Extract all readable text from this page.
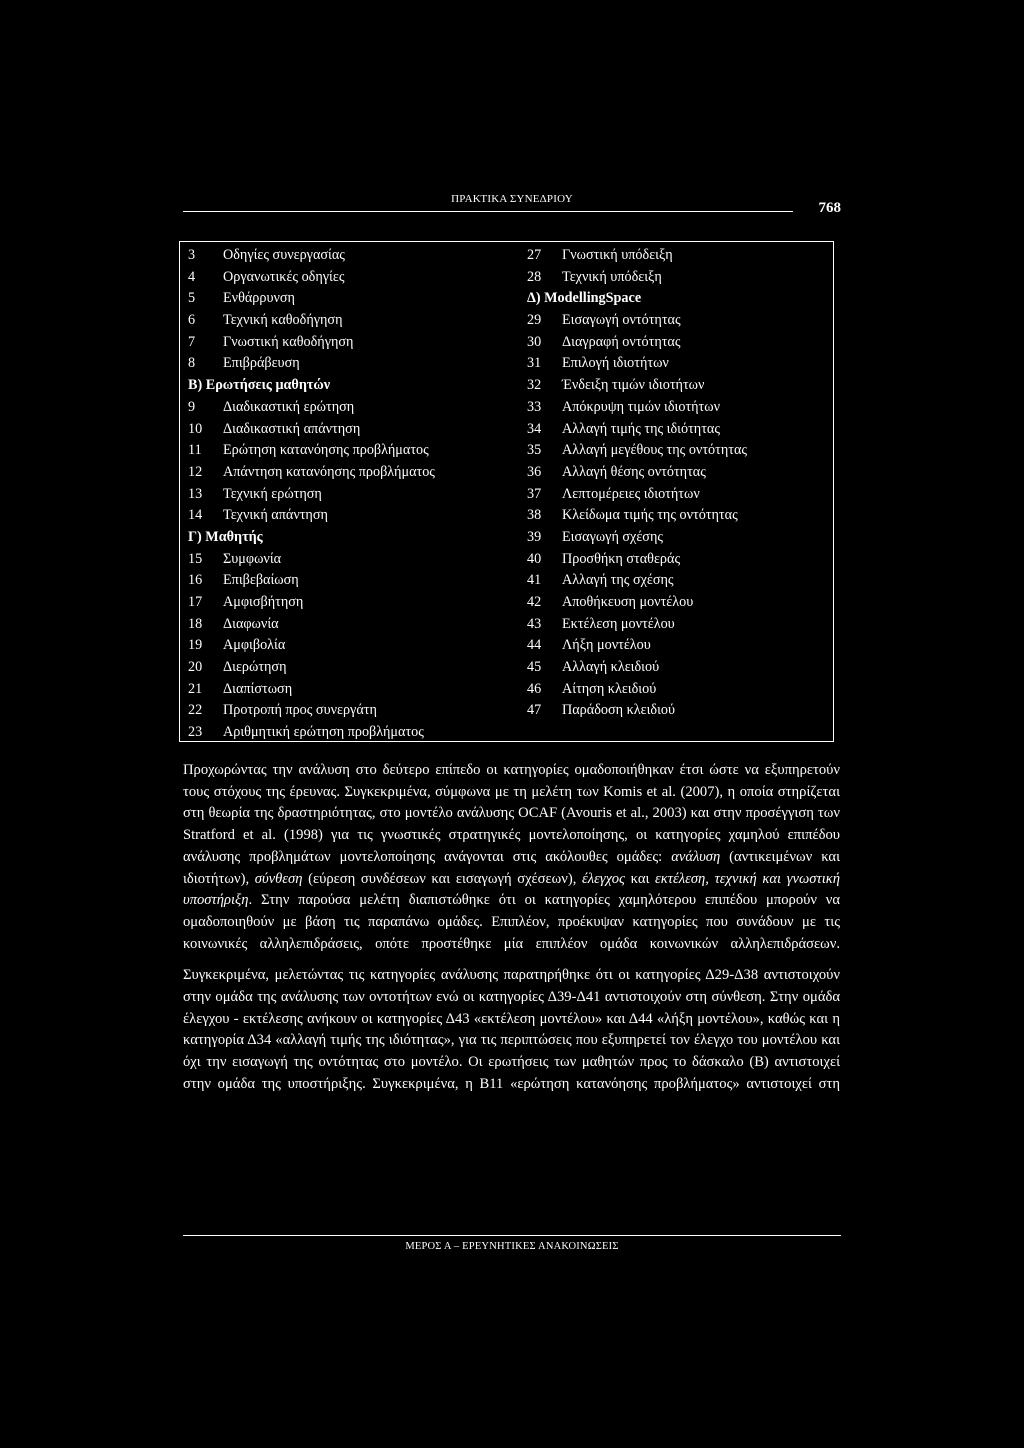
ΠΡΑΚΤΙΚΑ ΣΥΝΕΔΡΙΟΥ
768
3	Οδηγίες συνεργασίας
4	Οργανωτικές οδηγίες
5	Ενθάρρυνση
6	Τεχνική καθοδήγηση
7	Γνωστική καθοδήγηση
8	Επιβράβευση
Β) Ερωτήσεις μαθητών
9	Διαδικαστική ερώτηση
10	Διαδικαστική απάντηση
11	Ερώτηση κατανόησης προβλήματος
12	Απάντηση κατανόησης προβλήματος
13	Τεχνική ερώτηση
14	Τεχνική απάντηση
Γ) Μαθητής
15	Συμφωνία
16	Επιβεβαίωση
17	Αμφισβήτηση
18	Διαφωνία
19	Αμφιβολία
20	Διερώτηση
21	Διαπίστωση
22	Προτροπή προς συνεργάτη
23	Αριθμητική ερώτηση προβλήματος
27	Γνωστική υπόδειξη
28	Τεχνική υπόδειξη
Δ) ModellingSpace
29	Εισαγωγή οντότητας
30	Διαγραφή οντότητας
31	Επιλογή ιδιοτήτων
32	Ένδειξη τιμών ιδιοτήτων
33	Απόκρυψη τιμών ιδιοτήτων
34	Αλλαγή τιμής της ιδιότητας
35	Αλλαγή μεγέθους της οντότητας
36	Αλλαγή θέσης οντότητας
37	Λεπτομέρειες ιδιοτήτων
38	Κλείδωμα τιμής της οντότητας
39	Εισαγωγή σχέσης
40	Προσθήκη σταθεράς
41	Αλλαγή της σχέσης
42	Αποθήκευση μοντέλου
43	Εκτέλεση μοντέλου
44	Λήξη μοντέλου
45	Αλλαγή κλειδιού
46	Αίτηση κλειδιού
47	Παράδοση κλειδιού

Προχωρώντας την ανάλυση στο δεύτερο επίπεδο οι κατηγορίες ομαδοποιήθηκαν έτσι ώστε να εξυπηρετούν τους στόχους της έρευνας. Συγκεκριμένα, σύμφωνα με τη μελέτη των Komis et al. (2007), η οποία στηρίζεται στη θεωρία της δραστηριότητας, στο μοντέλο ανάλυσης OCAF (Avouris et al., 2003) και στην προσέγγιση των Stratford et al. (1998) για τις γνωστικές στρατηγικές μοντελοποίησης, οι κατηγορίες χαμηλού επιπέδου ανάλυσης προβλημάτων μοντελοποίησης ανάγονται στις ακόλουθες ομάδες: ανάλυση (αντικειμένων και ιδιοτήτων), σύνθεση (εύρεση συνδέσεων και εισαγωγή σχέσεων), έλεγχος και εκτέλεση, τεχνική και γνωστική υποστήριξη. Στην παρούσα μελέτη διαπιστώθηκε ότι οι κατηγορίες χαμηλότερου επιπέδου μπορούν να ομαδοποιηθούν με βάση τις παραπάνω ομάδες. Επιπλέον, προέκυψαν κατηγορίες που συνάδουν με τις κοινωνικές αλληλεπιδράσεις, οπότε προστέθηκε μία επιπλέον ομάδα κοινωνικών αλληλεπιδράσεων.

Συγκεκριμένα, μελετώντας τις κατηγορίες ανάλυσης παρατηρήθηκε ότι οι κατηγορίες Δ29-Δ38 αντιστοιχούν στην ομάδα της ανάλυσης των οντοτήτων ενώ οι κατηγορίες Δ39-Δ41 αντιστοιχούν στη σύνθεση. Στην ομάδα έλεγχου - εκτέλεσης ανήκουν οι κατηγορίες Δ43 «εκτέλεση μοντέλου» και Δ44 «λήξη μοντέλου», καθώς και η κατηγορία Δ34 «αλλαγή τιμής της ιδιότητας», για τις περιπτώσεις που εξυπηρετεί τον έλεγχο του μοντέλου και όχι την εισαγωγή της οντότητας στο μοντέλο. Οι ερωτήσεις των μαθητών προς το δάσκαλο (Β) αντιστοιχεί στην ομάδα της υποστήριξης. Συγκεκριμένα, η Β11 «ερώτηση κατανόησης προβλήματος» αντιστοιχεί στη

ΜΕΡΟΣ Α – ΕΡΕΥΝΗΤΙΚΕΣ ΑΝΑΚΟΙΝΩΣΕΙΣ
